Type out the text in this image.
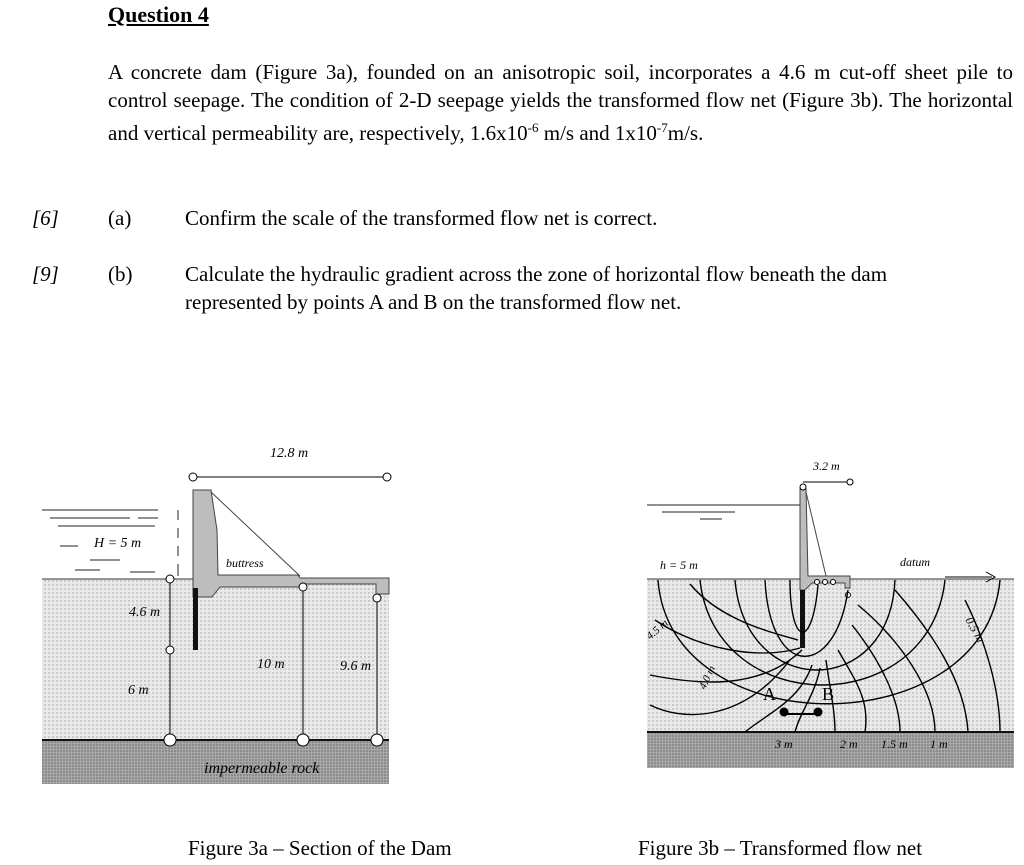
Question 4
A concrete dam (Figure 3a), founded on an anisotropic soil, incorporates a 4.6 m cut-off sheet pile to control seepage. The condition of 2-D seepage yields the transformed flow net (Figure 3b). The horizontal and vertical permeability are, respectively, $1.6x10^{-6}$ m/s and $1x10^{-7}m/s$.
[6] (a)	Confirm the scale of the transformed flow net is correct.
[9] (b)	Calculate the hydraulic gradient across the zone of horizontal flow beneath the dam represented by points A and B on the transformed flow net.
12.8 m
H = 5 m
buttress
4.6 m
6 m
10 m	9.6 m
impermeable rock
3.2 m
h = 5 m	datum
4.5 m
4.0 m
0.5 m
A	B
3 m	2 m 1.5 m 1 m
Figure 3a – Section of the Dam	Figure 3b – Transformed flow net
